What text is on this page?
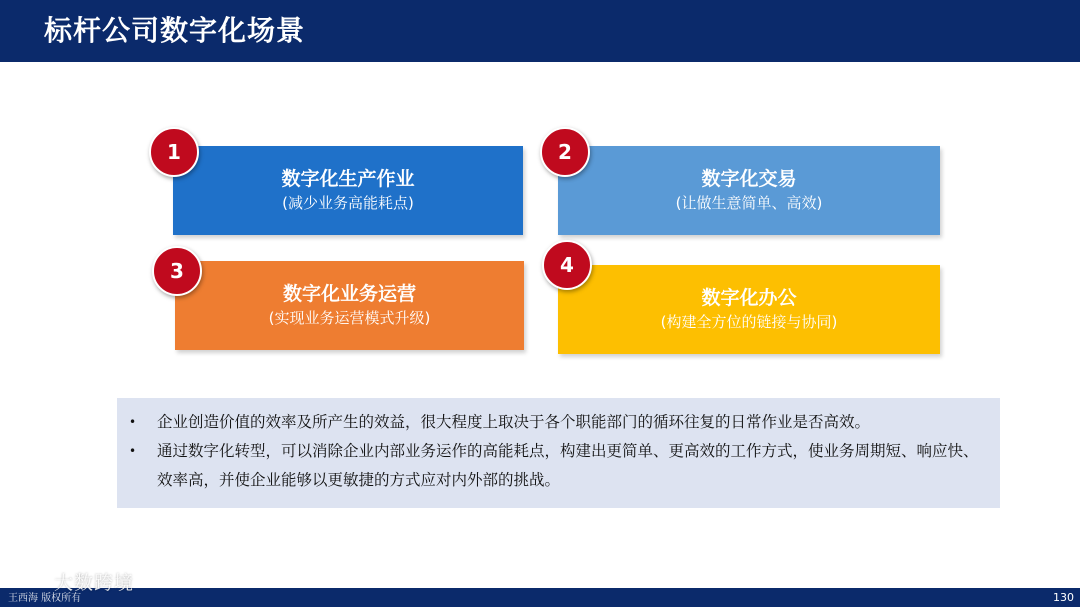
标杆公司数字化场景
数字化生产作业
(减少业务高能耗点)
1
数字化交易
(让做生意简单、高效)
2
数字化业务运营
(实现业务运营模式升级)
3
数字化办公
(构建全方位的链接与协同)
4
• 企业创造价值的效率及所产生的效益，很大程度上取决于各个职能部门的循环往复的日常作业是否高效。
• 通过数字化转型，可以消除企业内部业务运作的高能耗点，构建出更简单、更高效的工作方式，使业务周期短、响应快、效率高，并使企业能够以更敏捷的方式应对内外部的挑战。
130
大数跨境
王西海 版权所有
